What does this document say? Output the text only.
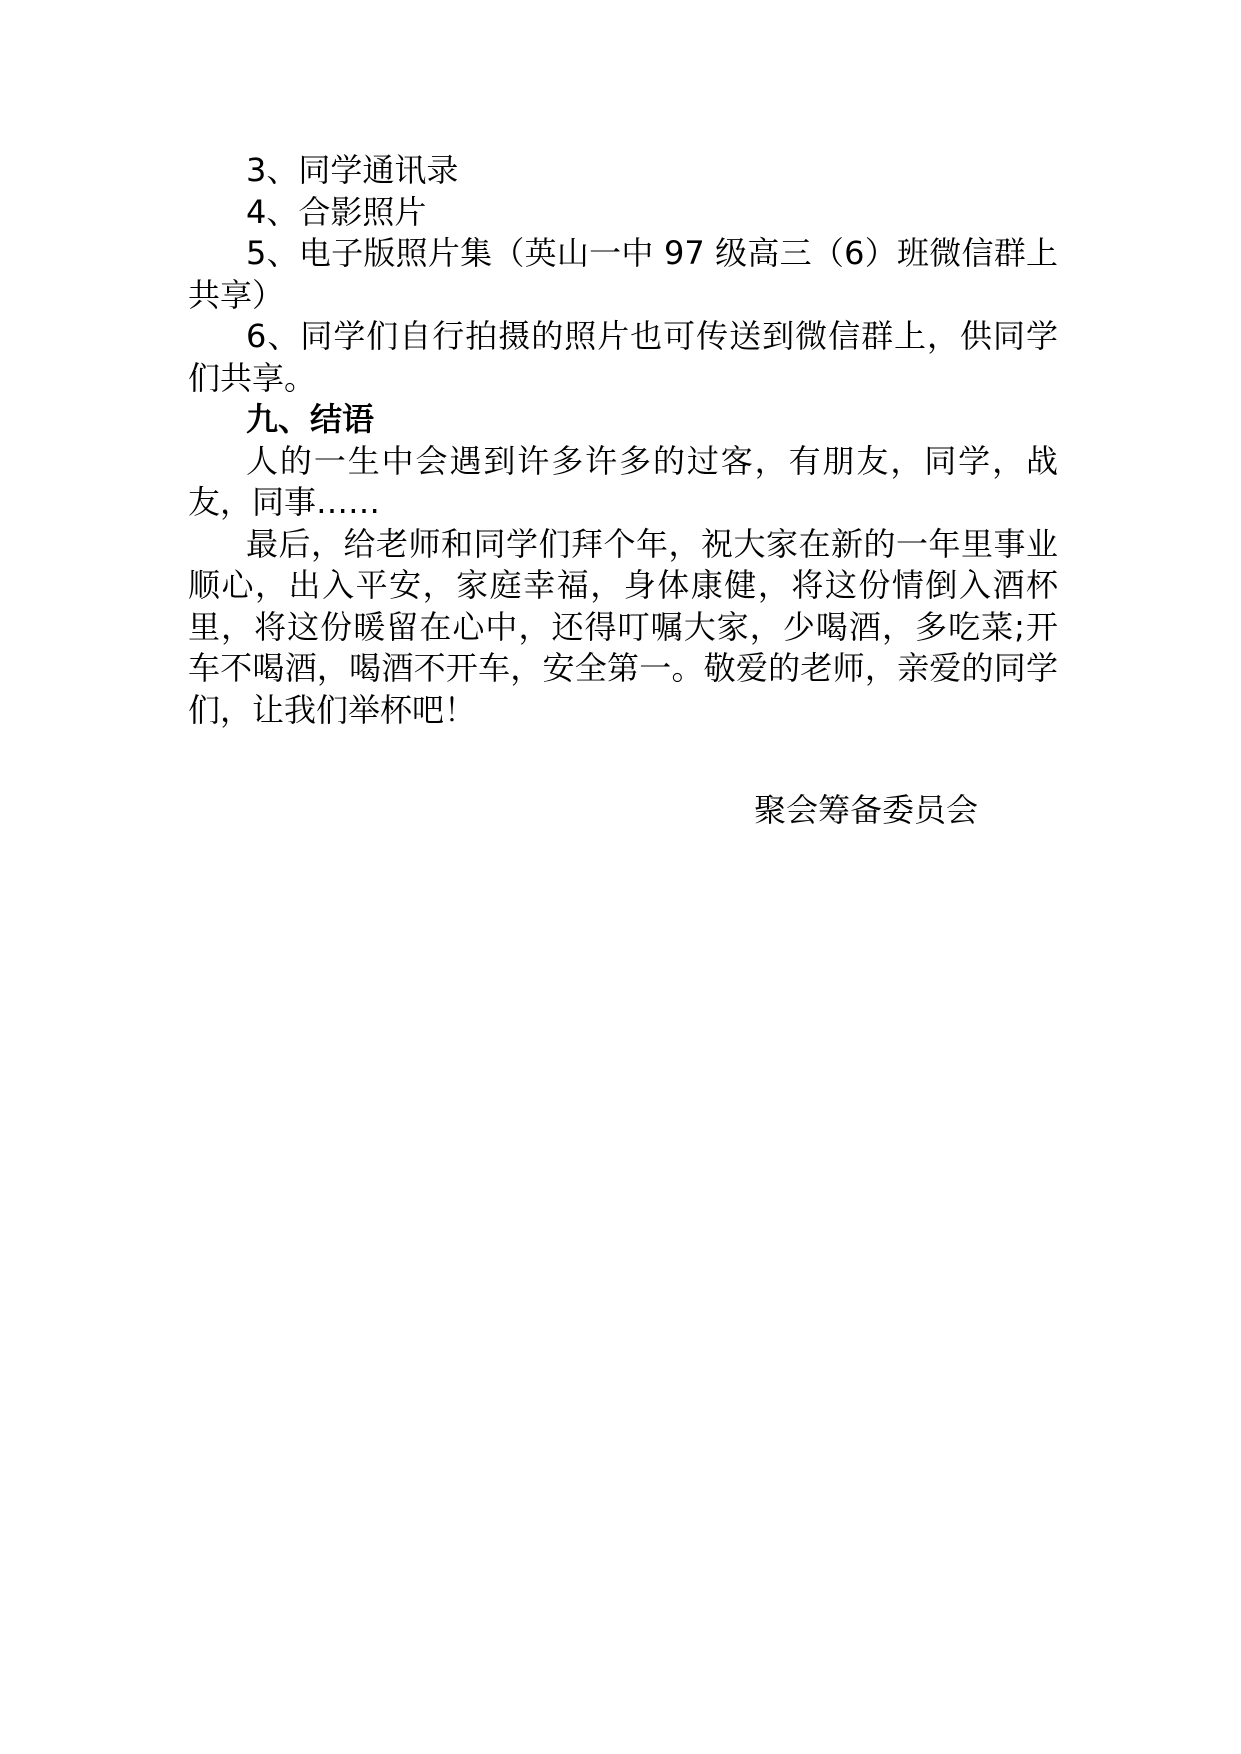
3、同学通讯录

4、合影照片

5、电子版照片集（英山一中 97 级高三（6）班微信群上共享）

6、同学们自行拍摄的照片也可传送到微信群上，供同学们共享。

九、结语

人的一生中会遇到许多许多的过客，有朋友，同学，战友，同事……

最后，给老师和同学们拜个年，祝大家在新的一年里事业顺心，出入平安，家庭幸福，身体康健，将这份情倒入酒杯里，将这份暖留在心中，还得叮嘱大家，少喝酒，多吃菜;开车不喝酒，喝酒不开车，安全第一。敬爱的老师，亲爱的同学们，让我们举杯吧！

聚会筹备委员会
